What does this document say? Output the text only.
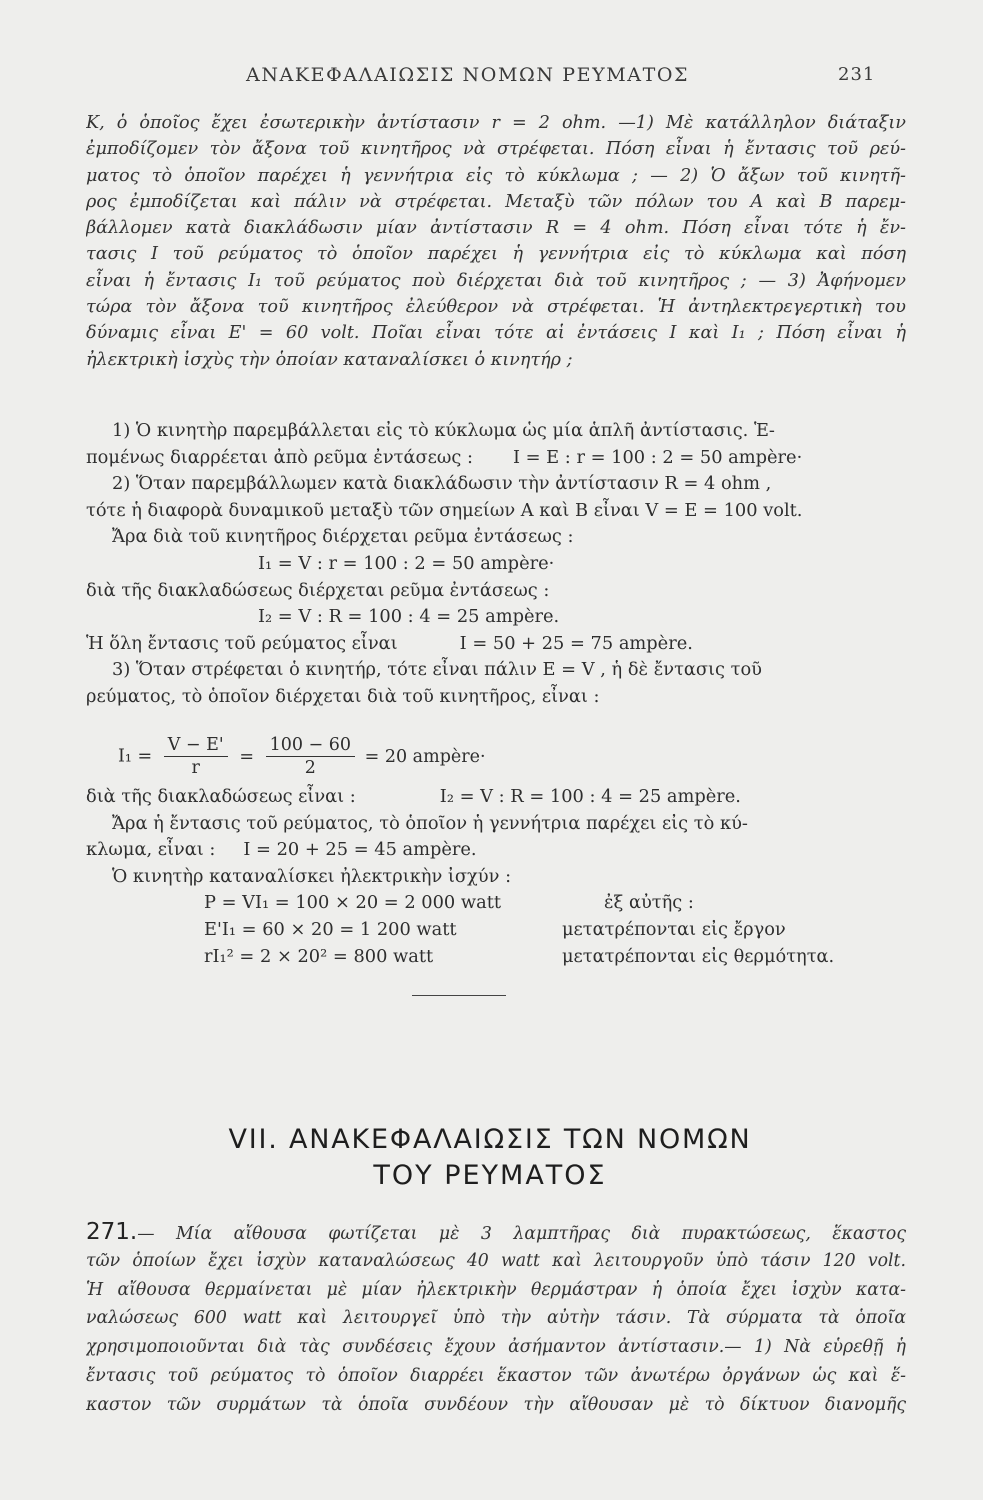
ΑΝΑΚΕΦΑΛΑΙΩΣΙΣ ΝΟΜΩΝ ΡΕΥΜΑΤΟΣ	231
K, ὁ ὁποῖος ἔχει ἐσωτερικὴν ἀντίστασιν r = 2 ohm. —1) Μὲ κατάλληλον διάταξιν
ἐμποδίζομεν τὸν ἄξονα τοῦ κινητῆρος νὰ στρέφεται. Πόση εἶναι ἡ ἔντασις τοῦ ρεύ-
ματος τὸ ὁποῖον παρέχει ἡ γεννήτρια εἰς τὸ κύκλωμα ; — 2) Ὁ ἄξων τοῦ κινητῆ-
ρος ἐμποδίζεται καὶ πάλιν νὰ στρέφεται. Μεταξὺ τῶν πόλων του A καὶ B παρεμ-
βάλλομεν κατὰ διακλάδωσιν μίαν ἀντίστασιν R = 4 ohm. Πόση εἶναι τότε ἡ ἔν-
τασις I τοῦ ρεύματος τὸ ὁποῖον παρέχει ἡ γεννήτρια εἰς τὸ κύκλωμα καὶ πόση
εἶναι ἡ ἔντασις I₁ τοῦ ρεύματος ποὺ διέρχεται διὰ τοῦ κινητῆρος ; — 3) Ἀφήνομεν
τώρα τὸν ἄξονα τοῦ κινητῆρος ἐλεύθερον νὰ στρέφεται. Ἡ ἀντηλεκτρεγερτικὴ του
δύναμις εἶναι E' = 60 volt. Ποῖαι εἶναι τότε αἱ ἐντάσεις I καὶ I₁ ; Πόση εἶναι ἡ
ἠλεκτρικὴ ἰσχὺς τὴν ὁποίαν καταναλίσκει ὁ κινητήρ ;
1) Ὁ κινητὴρ παρεμβάλλεται εἰς τὸ κύκλωμα ὡς μία ἁπλῆ ἀντίστασις. Ἑ-
πομένως διαρρέεται ἀπὸ ρεῦμα ἐντάσεως : I = E : r = 100 : 2 = 50 ampère·
2) Ὅταν παρεμβάλλωμεν κατὰ διακλάδωσιν τὴν ἀντίστασιν R = 4 ohm ,
τότε ἡ διαφορὰ δυναμικοῦ μεταξὺ τῶν σημείων A καὶ B εἶναι V = E = 100 volt.
Ἄρα διὰ τοῦ κινητῆρος διέρχεται ρεῦμα ἐντάσεως :
I₁ = V : r = 100 : 2 = 50 ampère·
διὰ τῆς διακλαδώσεως διέρχεται ρεῦμα ἐντάσεως :
I₂ = V : R = 100 : 4 = 25 ampère.
Ἡ ὅλη ἔντασις τοῦ ρεύματος εἶναι	I = 50 + 25 = 75 ampère.
3) Ὅταν στρέφεται ὁ κινητήρ, τότε εἶναι πάλιν E = V , ἡ δὲ ἔντασις τοῦ
ρεύματος, τὸ ὁποῖον διέρχεται διὰ τοῦ κινητῆρος, εἶναι :
$I_1 = \frac{V - E'}{r} = \frac{100 - 60}{2} = 20$ ampère·
διὰ τῆς διακλαδώσεως εἶναι :	I₂ = V : R = 100 : 4 = 25 ampère.
Ἄρα ἡ ἔντασις τοῦ ρεύματος, τὸ ὁποῖον ἡ γεννήτρια παρέχει εἰς τὸ κύ-
κλωμα, εἶναι : I = 20 + 25 = 45 ampère.
Ὁ κινητὴρ καταναλίσκει ἠλεκτρικὴν ἰσχύν :
P = VI₁ = 100 × 20 = 2 000 watt	ἐξ αὐτῆς :
E'I₁ = 60 × 20 = 1 200 watt	μετατρέπονται εἰς ἔργον
rI₁² = 2 × 20² = 800 watt	μετατρέπονται εἰς θερμότητα.
VII. ΑΝΑΚΕΦΑΛΑΙΩΣΙΣ ΤΩΝ ΝΟΜΩΝ
ΤΟΥ ΡΕΥΜΑΤΟΣ
271.— Μία αἴθουσα φωτίζεται μὲ 3 λαμπτῆρας διὰ πυρακτώσεως, ἕκαστος
τῶν ὁποίων ἔχει ἰσχὺν καταναλώσεως 40 watt καὶ λειτουργοῦν ὑπὸ τάσιν 120 volt.
Ἡ αἴθουσα θερμαίνεται μὲ μίαν ἠλεκτρικὴν θερμάστραν ἡ ὁποία ἔχει ἰσχὺν κατα-
ναλώσεως 600 watt καὶ λειτουργεῖ ὑπὸ τὴν αὐτὴν τάσιν. Τὰ σύρματα τὰ ὁποῖα
χρησιμοποιοῦνται διὰ τὰς συνδέσεις ἔχουν ἀσήμαντον ἀντίστασιν.— 1) Νὰ εὑρεθῇ ἡ
ἔντασις τοῦ ρεύματος τὸ ὁποῖον διαρρέει ἕκαστον τῶν ἀνωτέρω ὀργάνων ὡς καὶ ἕ-
καστον τῶν συρμάτων τὰ ὁποῖα συνδέουν τὴν αἴθουσαν μὲ τὸ δίκτυον διανομῆς
